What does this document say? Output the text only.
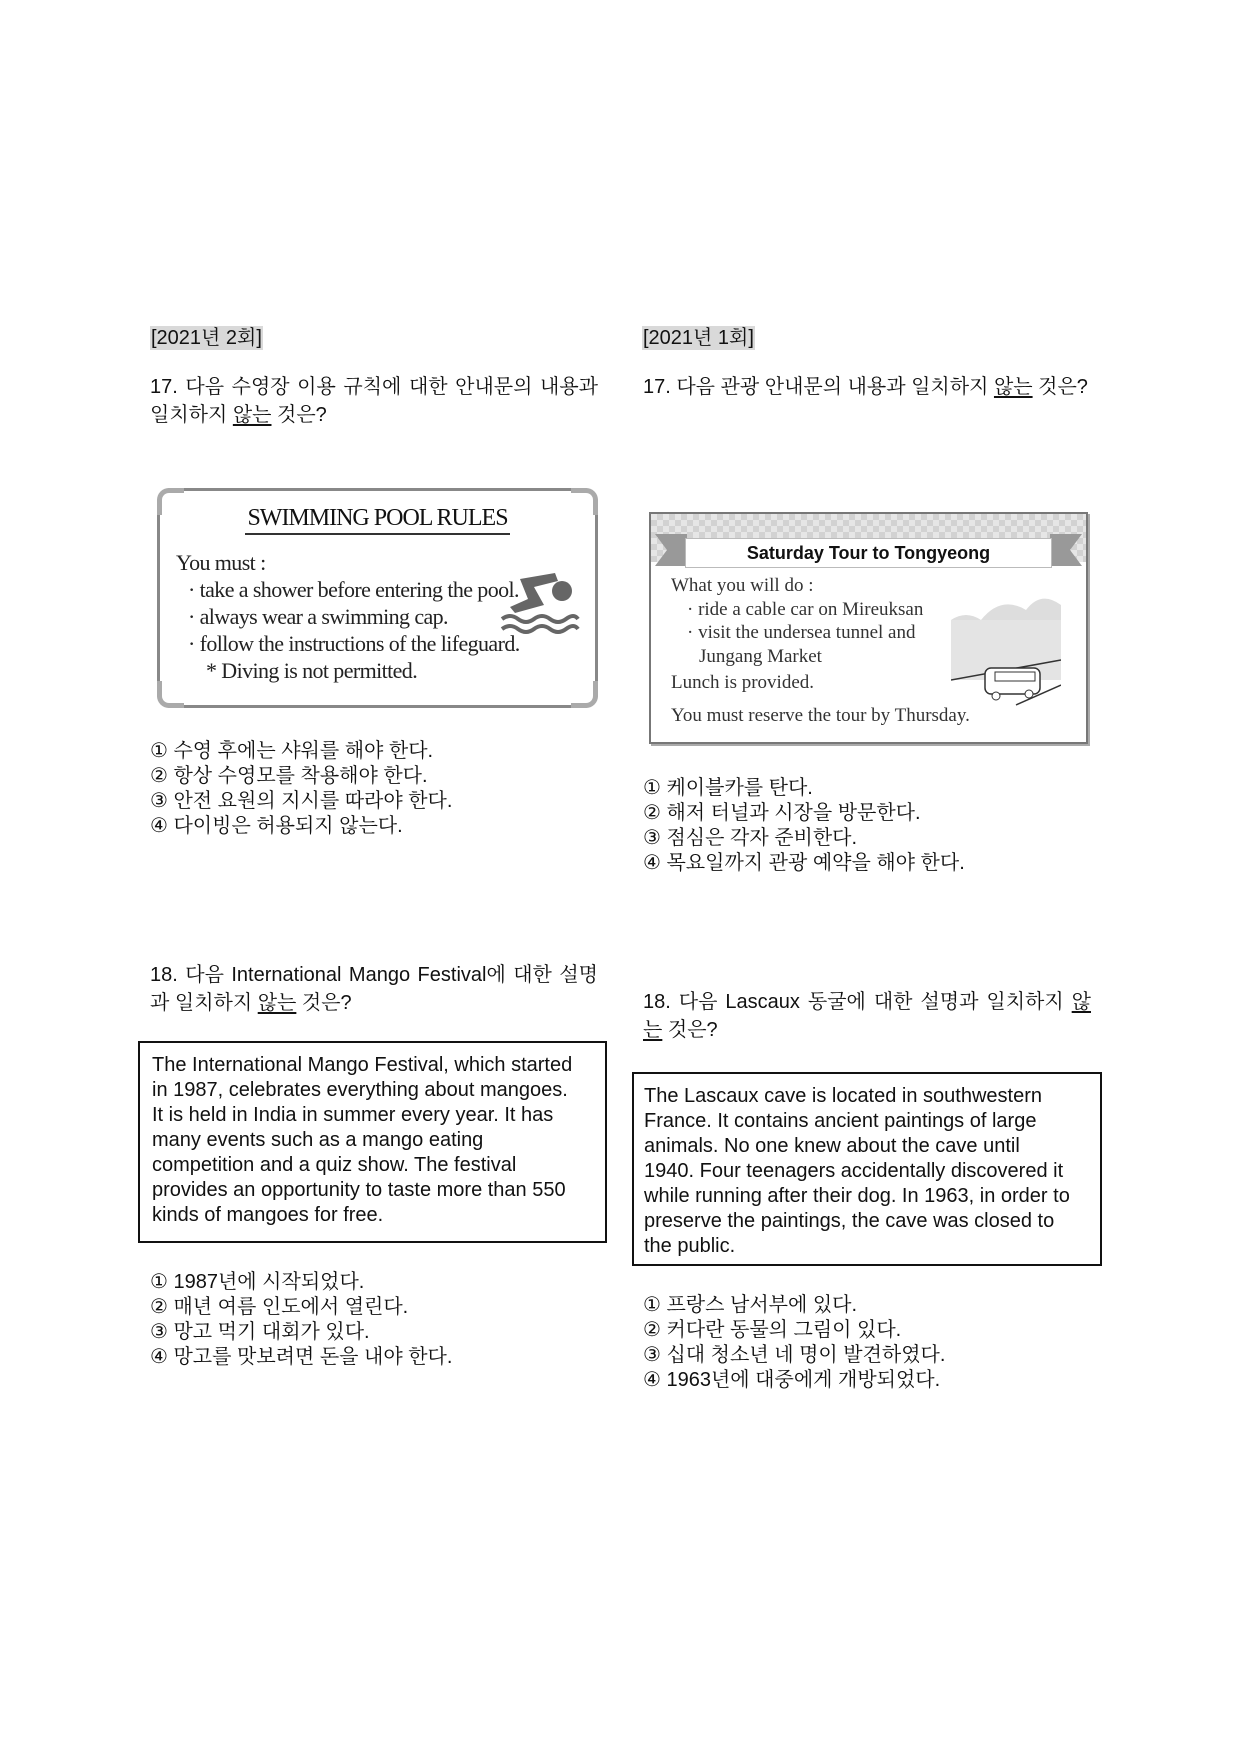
[2021년 2회]
17. 다음 수영장 이용 규칙에 대한 안내문의 내용과 일치하지 않는 것은?
SWIMMING POOL RULES
You must :
· take a shower before entering the pool.
· always wear a swimming cap.
· follow the instructions of the lifeguard.
* Diving is not permitted.
① 수영 후에는 샤워를 해야 한다.
② 항상 수영모를 착용해야 한다.
③ 안전 요원의 지시를 따라야 한다.
④ 다이빙은 허용되지 않는다.
18. 다음 International Mango Festival에 대한 설명과 일치하지 않는 것은?
The International Mango Festival, which started
in 1987, celebrates everything about mangoes.
It is held in India in summer every year. It has
many events such as a mango eating
competition and a quiz show. The festival
provides an opportunity to taste more than 550
kinds of mangoes for free.
① 1987년에 시작되었다.
② 매년 여름 인도에서 열린다.
③ 망고 먹기 대회가 있다.
④ 망고를 맛보려면 돈을 내야 한다.
[2021년 1회]
17. 다음 관광 안내문의 내용과 일치하지 않는 것은?
Saturday Tour to Tongyeong
What you will do :
· ride a cable car on Mireuksan
· visit the undersea tunnel and
Jungang Market
Lunch is provided.
You must reserve the tour by Thursday.
① 케이블카를 탄다.
② 해저 터널과 시장을 방문한다.
③ 점심은 각자 준비한다.
④ 목요일까지 관광 예약을 해야 한다.
18. 다음 Lascaux 동굴에 대한 설명과 일치하지 않는 것은?
The Lascaux cave is located in southwestern
France. It contains ancient paintings of large
animals. No one knew about the cave until
1940. Four teenagers accidentally discovered it
while running after their dog. In 1963, in order to
preserve the paintings, the cave was closed to
the public.
① 프랑스 남서부에 있다.
② 커다란 동물의 그림이 있다.
③ 십대 청소년 네 명이 발견하였다.
④ 1963년에 대중에게 개방되었다.
